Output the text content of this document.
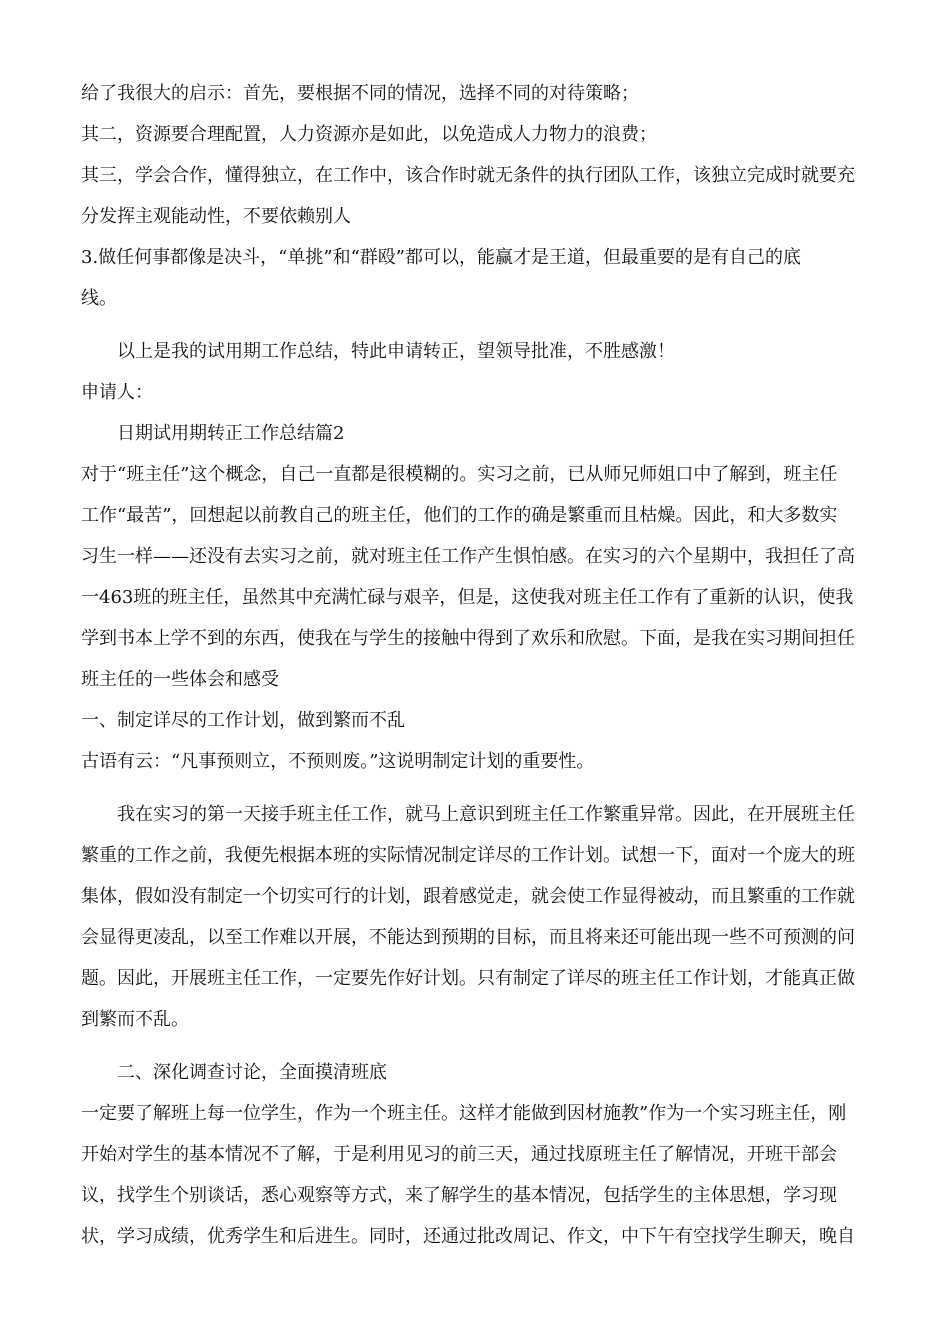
给了我很大的启示：首先，要根据不同的情况，选择不同的对待策略；
其二，资源要合理配置，人力资源亦是如此，以免造成人力物力的浪费；
其三，学会合作，懂得独立，在工作中，该合作时就无条件的执行团队工作，该独立完成时就要充
分发挥主观能动性，不要依赖别人
3.做任何事都像是决斗，“单挑”和“群殴”都可以，能赢才是王道，但最重要的是有自己的底
线。
以上是我的试用期工作总结，特此申请转正，望领导批准，不胜感激！
申请人：
日期试用期转正工作总结篇2
对于“班主任”这个概念，自己一直都是很模糊的。实习之前，已从师兄师姐口中了解到，班主任
工作“最苦”，回想起以前教自己的班主任，他们的工作的确是繁重而且枯燥。因此，和大多数实
习生一样——还没有去实习之前，就对班主任工作产生惧怕感。在实习的六个星期中，我担任了高
一463班的班主任，虽然其中充满忙碌与艰辛，但是，这使我对班主任工作有了重新的认识，使我
学到书本上学不到的东西，使我在与学生的接触中得到了欢乐和欣慰。下面，是我在实习期间担任
班主任的一些体会和感受
一、制定详尽的工作计划，做到繁而不乱
古语有云：“凡事预则立，不预则废。”这说明制定计划的重要性。
我在实习的第一天接手班主任工作，就马上意识到班主任工作繁重异常。因此，在开展班主任
繁重的工作之前，我便先根据本班的实际情况制定详尽的工作计划。试想一下，面对一个庞大的班
集体，假如没有制定一个切实可行的计划，跟着感觉走，就会使工作显得被动，而且繁重的工作就
会显得更凌乱，以至工作难以开展，不能达到预期的目标，而且将来还可能出现一些不可预测的问
题。因此，开展班主任工作，一定要先作好计划。只有制定了详尽的班主任工作计划，才能真正做
到繁而不乱。
二、深化调查讨论，全面摸清班底
一定要了解班上每一位学生，作为一个班主任。这样才能做到因材施教”作为一个实习班主任，刚
开始对学生的基本情况不了解，于是利用见习的前三天，通过找原班主任了解情况，开班干部会
议，找学生个别谈话，悉心观察等方式，来了解学生的基本情况，包括学生的主体思想，学习现
状，学习成绩，优秀学生和后进生。同时，还通过批改周记、作文，中下午有空找学生聊天，晚自
